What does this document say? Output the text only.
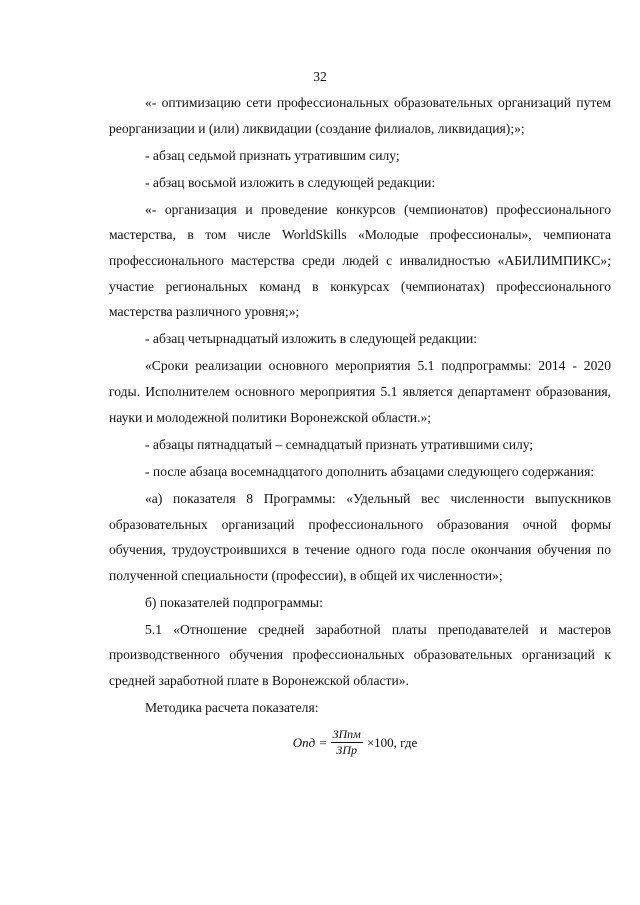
32

«- оптимизацию сети профессиональных образовательных организаций путем реорганизации и (или) ликвидации (создание филиалов, ликвидация);»;

- абзац седьмой признать утратившим силу;

- абзац восьмой изложить в следующей редакции:

«- организация и проведение конкурсов (чемпионатов) профессионального мастерства, в том числе WorldSkills «Молодые профессионалы», чемпионата профессионального мастерства среди людей с инвалидностью «АБИЛИМПИКС»; участие региональных команд в конкурсах (чемпионатах) профессионального мастерства различного уровня;»;

- абзац четырнадцатый изложить в следующей редакции:

«Сроки реализации основного мероприятия 5.1 подпрограммы: 2014 - 2020 годы. Исполнителем основного мероприятия 5.1 является департамент образования, науки и молодежной политики Воронежской области.»;

- абзацы пятнадцатый – семнадцатый признать утратившими силу;

- после абзаца восемнадцатого дополнить абзацами следующего содержания:

«а) показателя 8 Программы: «Удельный вес численности выпускников образовательных организаций профессионального образования очной формы обучения, трудоустроившихся в течение одного года после окончания обучения по полученной специальности (профессии), в общей их численности»;

б) показателей подпрограммы:

5.1 «Отношение средней заработной платы преподавателей и мастеров производственного обучения профессиональных образовательных организаций к средней заработной плате в Воронежской области».

Методика расчета показателя:

Опд = $\frac{\text{ЗПпм}}{\text{ЗПр}} \times 100$ , где
